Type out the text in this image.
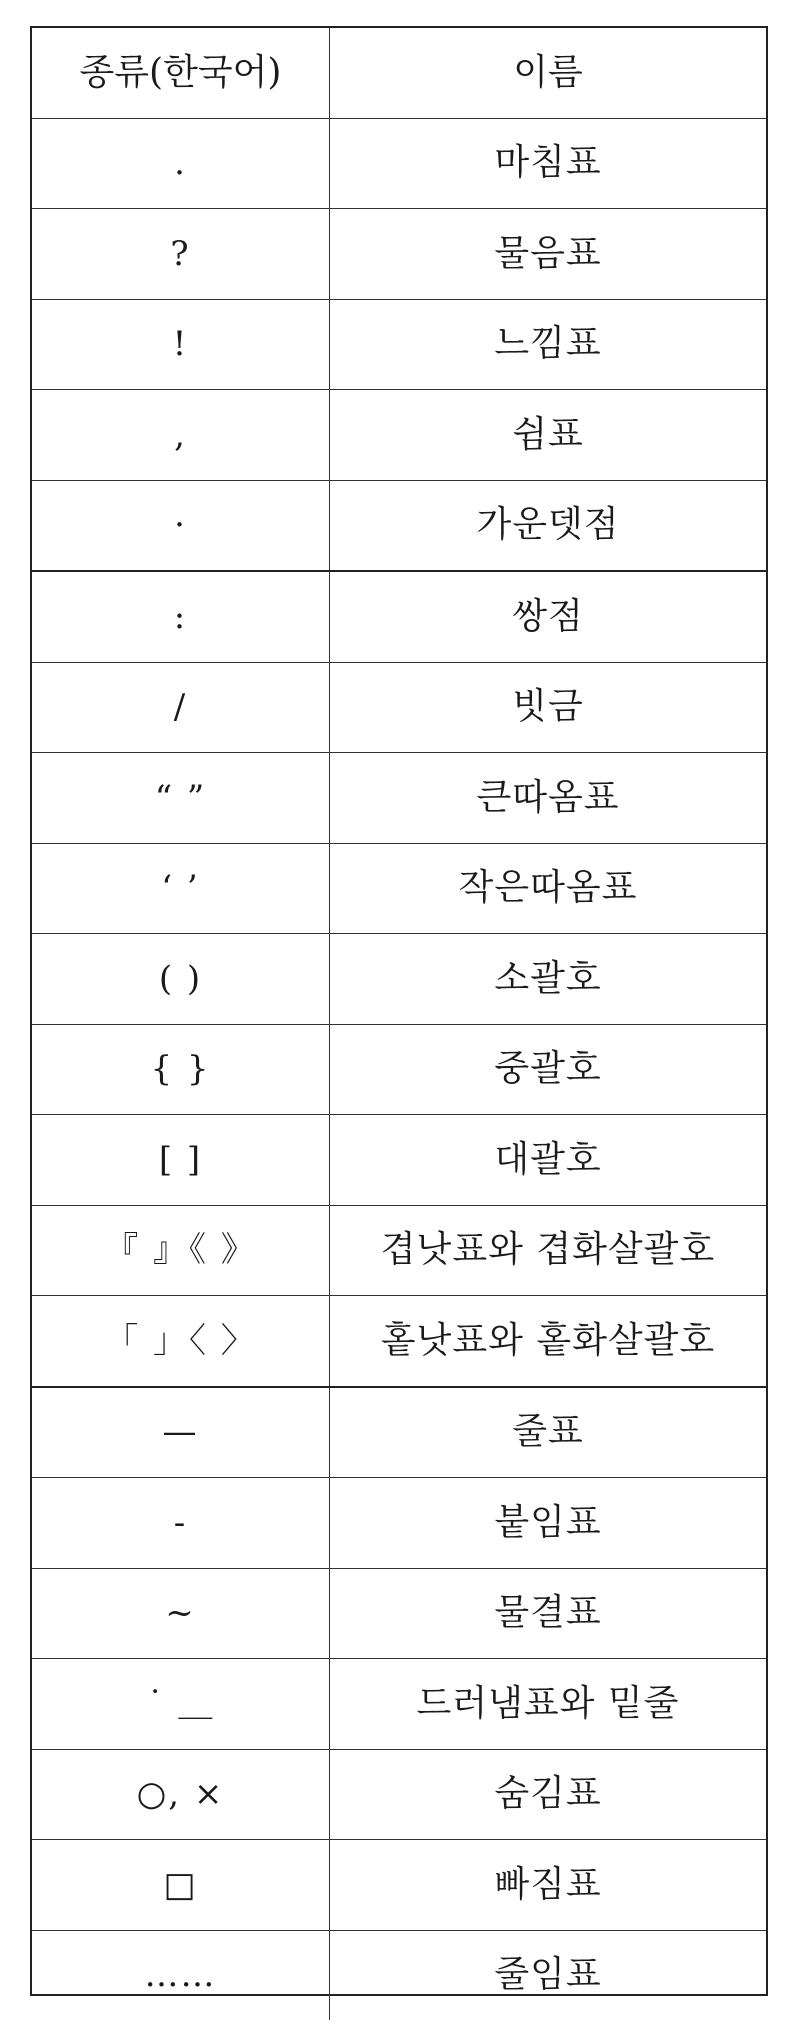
종류(한국어)	이름
.	마침표
?	물음표
!	느낌표
,	쉼표
·	가운뎃점
:	쌍점
/	빗금
“ ”	큰따옴표
‘ ’	작은따옴표
( )	소괄호
{ }	중괄호
[ ]	대괄호
『 』《 》	겹낫표와 겹화살괄호
「 」〈 〉	홑낫표와 홑화살괄호
—	줄표
-	붙임표
~	물결표
˙ ＿	드러냄표와 밑줄
○, ×	숨김표
□	빠짐표
……	줄임표
